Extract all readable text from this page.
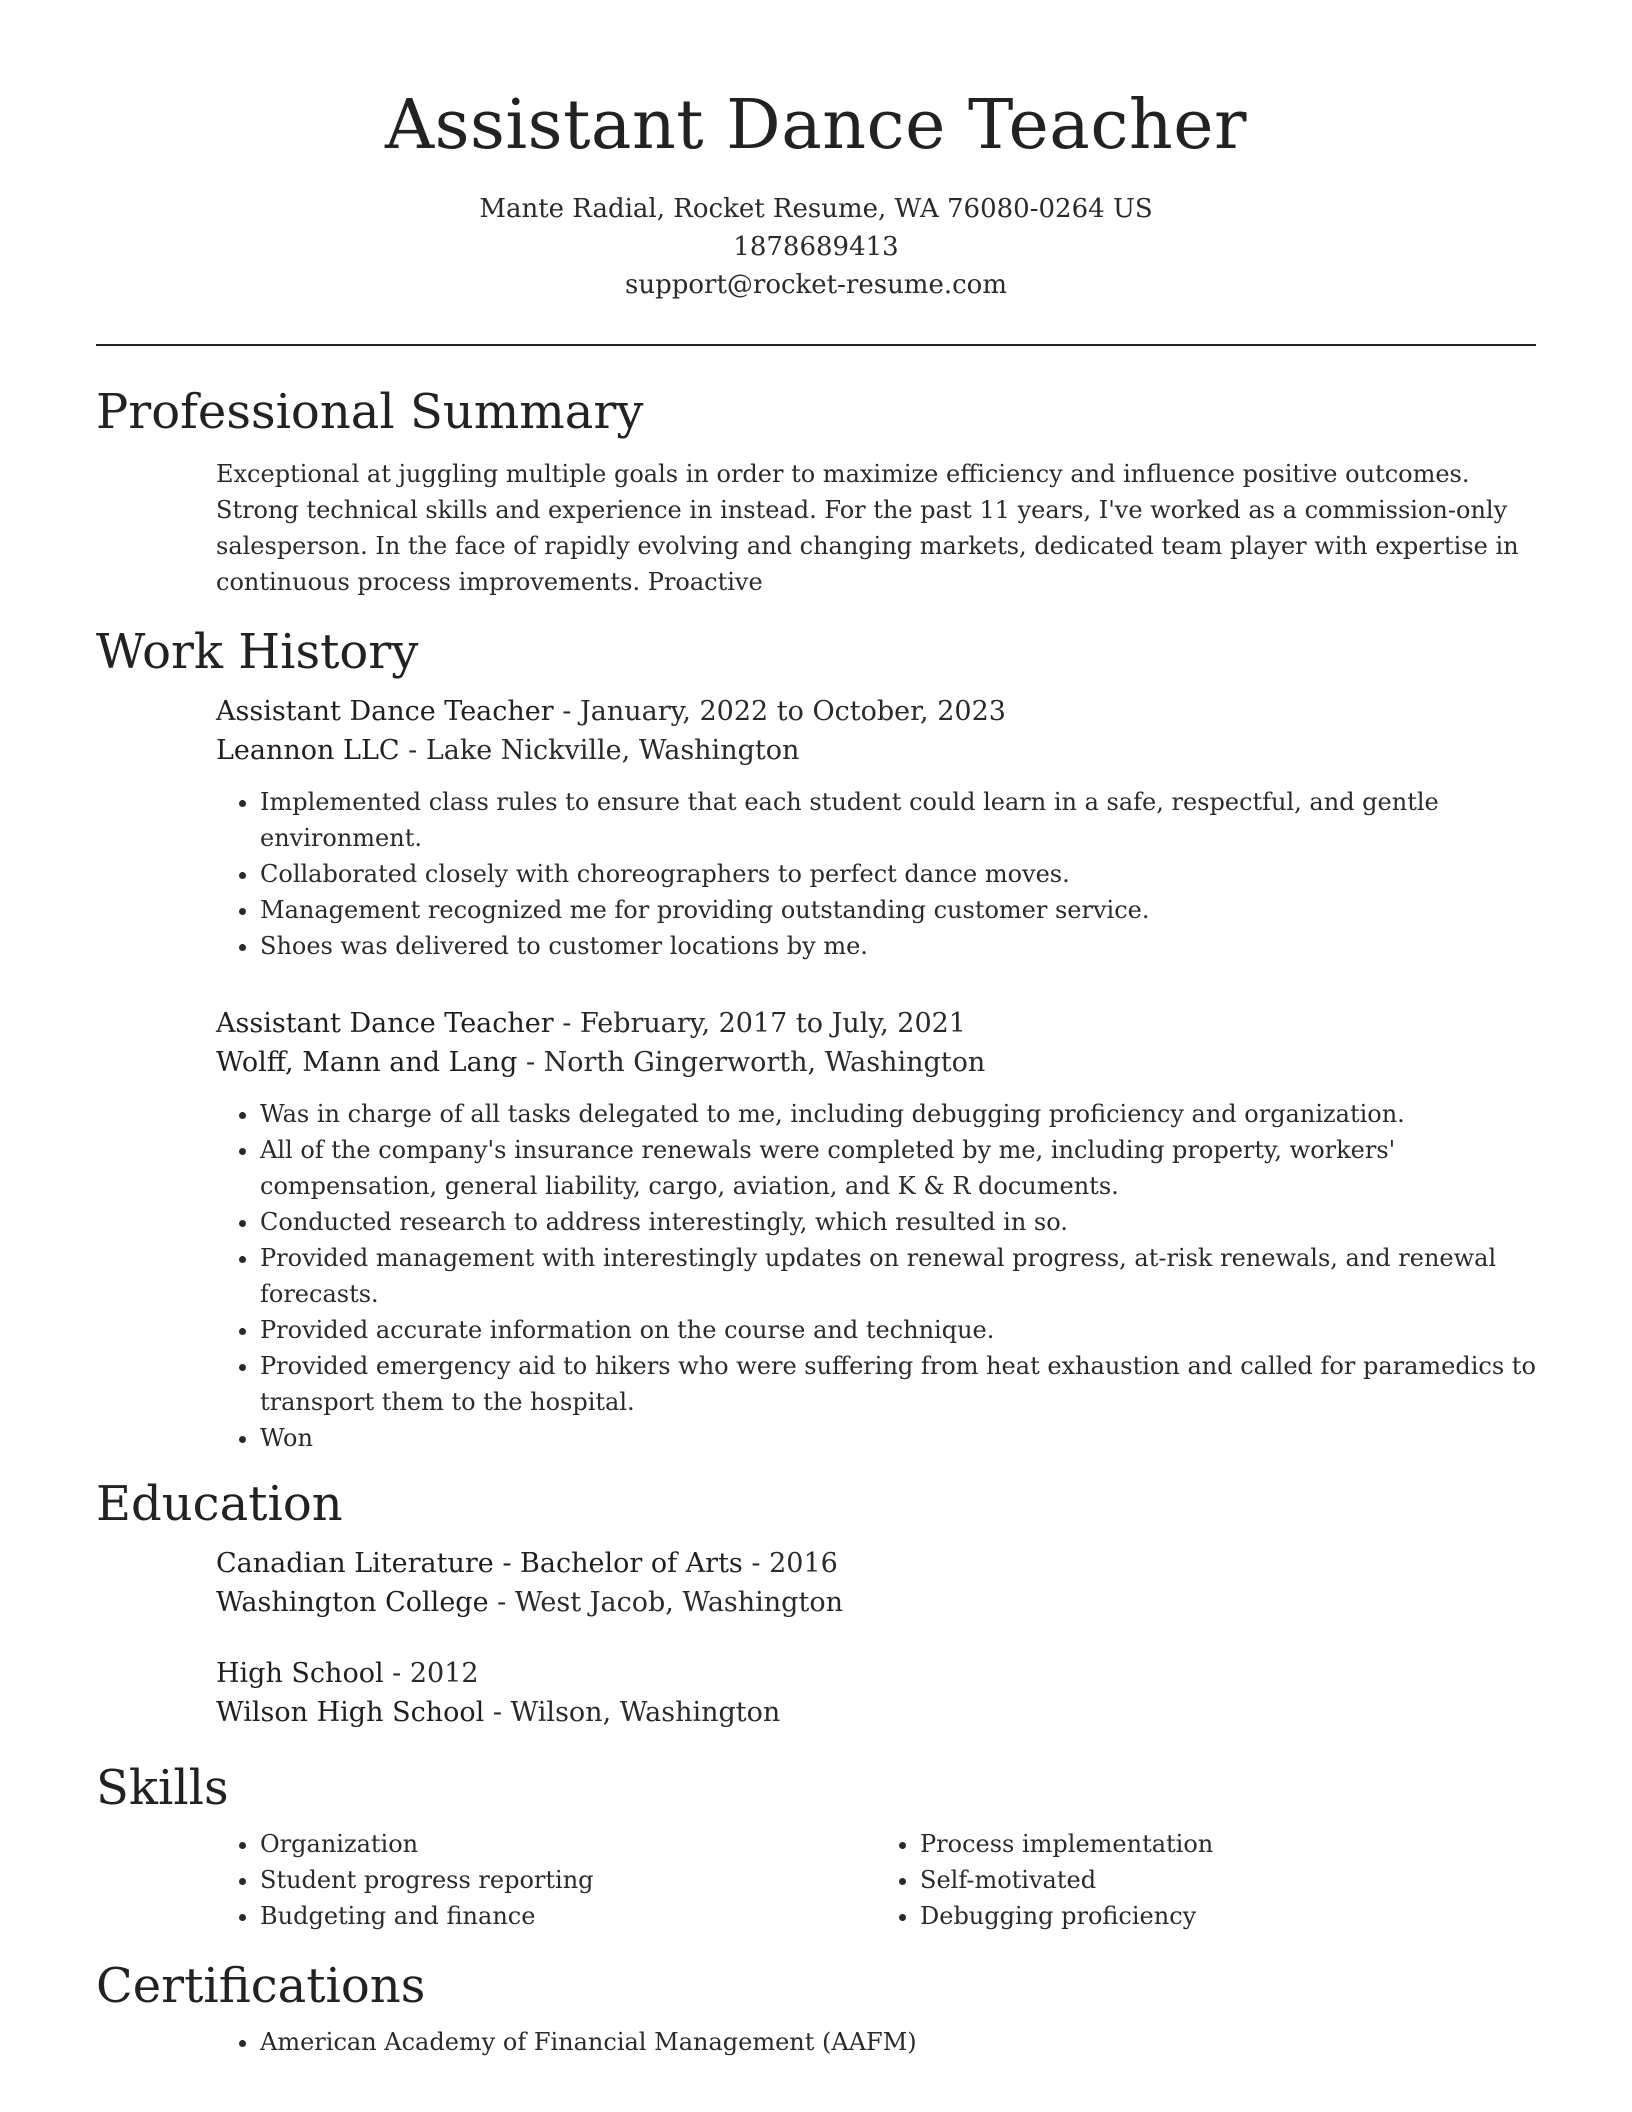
Assistant Dance Teacher
Mante Radial, Rocket Resume, WA 76080-0264 US
1878689413
support@rocket-resume.com
Professional Summary
Exceptional at juggling multiple goals in order to maximize efficiency and influence positive outcomes. Strong technical skills and experience in instead. For the past 11 years, I've worked as a commission-only salesperson. In the face of rapidly evolving and changing markets, dedicated team player with expertise in continuous process improvements. Proactive
Work History
Assistant Dance Teacher - January, 2022 to October, 2023
Leannon LLC - Lake Nickville, Washington
• Implemented class rules to ensure that each student could learn in a safe, respectful, and gentle environment.
• Collaborated closely with choreographers to perfect dance moves.
• Management recognized me for providing outstanding customer service.
• Shoes was delivered to customer locations by me.
Assistant Dance Teacher - February, 2017 to July, 2021
Wolff, Mann and Lang - North Gingerworth, Washington
• Was in charge of all tasks delegated to me, including debugging proficiency and organization.
• All of the company's insurance renewals were completed by me, including property, workers' compensation, general liability, cargo, aviation, and K & R documents.
• Conducted research to address interestingly, which resulted in so.
• Provided management with interestingly updates on renewal progress, at-risk renewals, and renewal forecasts.
• Provided accurate information on the course and technique.
• Provided emergency aid to hikers who were suffering from heat exhaustion and called for paramedics to transport them to the hospital.
• Won
Education
Canadian Literature - Bachelor of Arts - 2016
Washington College - West Jacob, Washington
High School - 2012
Wilson High School - Wilson, Washington
Skills
• Organization
• Student progress reporting
• Budgeting and finance
• Process implementation
• Self-motivated
• Debugging proficiency
Certifications
• American Academy of Financial Management (AAFM)
